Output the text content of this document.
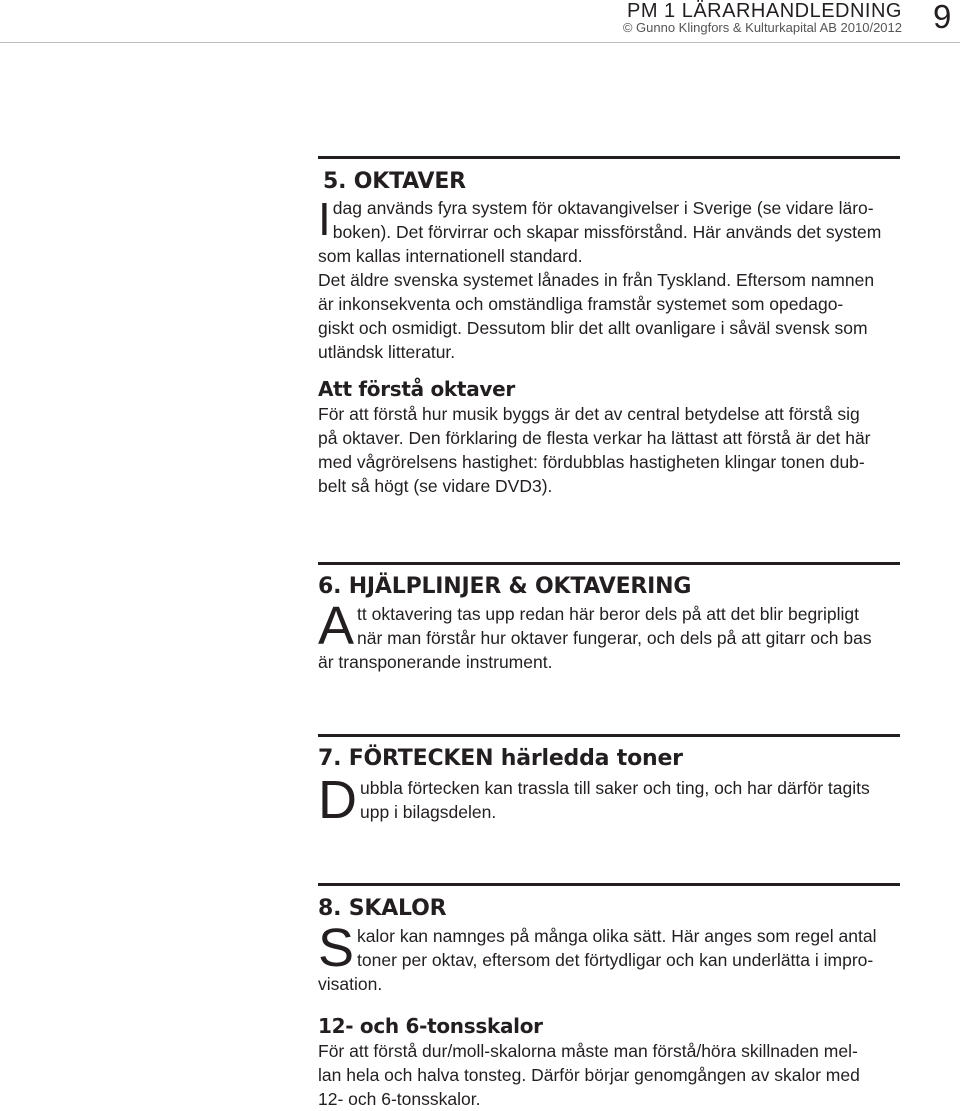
PM 1 LÄRARHANDLEDNING
© Gunno Klingfors & Kulturkapital AB 2010/2012 9
5. OKTAVER

I dag används fyra system för oktavangivelser i Sverige (se vidare läro-
boken). Det förvirrar och skapar missförstånd. Här används det system
som kallas internationell standard.

Det äldre svenska systemet lånades in från Tyskland. Eftersom namnen
är inkonsekventa och omständliga framstår systemet som opedago-
giskt och osmidigt. Dessutom blir det allt ovanligare i såväl svensk som
utländsk litteratur.

Att förstå oktaver

För att förstå hur musik byggs är det av central betydelse att förstå sig
på oktaver. Den förklaring de flesta verkar ha lättast att förstå är det här
med vågrörelsens hastighet: fördubblas hastigheten klingar tonen dub-
belt så högt (se vidare DVD3).

6. HJÄLPLINJER & OKTAVERING

A tt oktavering tas upp redan här beror dels på att det blir begripligt
när man förstår hur oktaver fungerar, och dels på att gitarr och bas
är transponerande instrument.

7. FÖRTECKEN härledda toner

D ubbla förtecken kan trassla till saker och ting, och har därför tagits
upp i bilagsdelen.

8. SKALOR

S kalor kan namnges på många olika sätt. Här anges som regel antal
toner per oktav, eftersom det förtydligar och kan underlätta i impro-
visation.

12- och 6-tonsskalor

För att förstå dur/moll-skalorna måste man förstå/höra skillnaden mel-
lan hela och halva tonsteg. Därför börjar genomgången av skalor med
12- och 6-tonsskalor.
